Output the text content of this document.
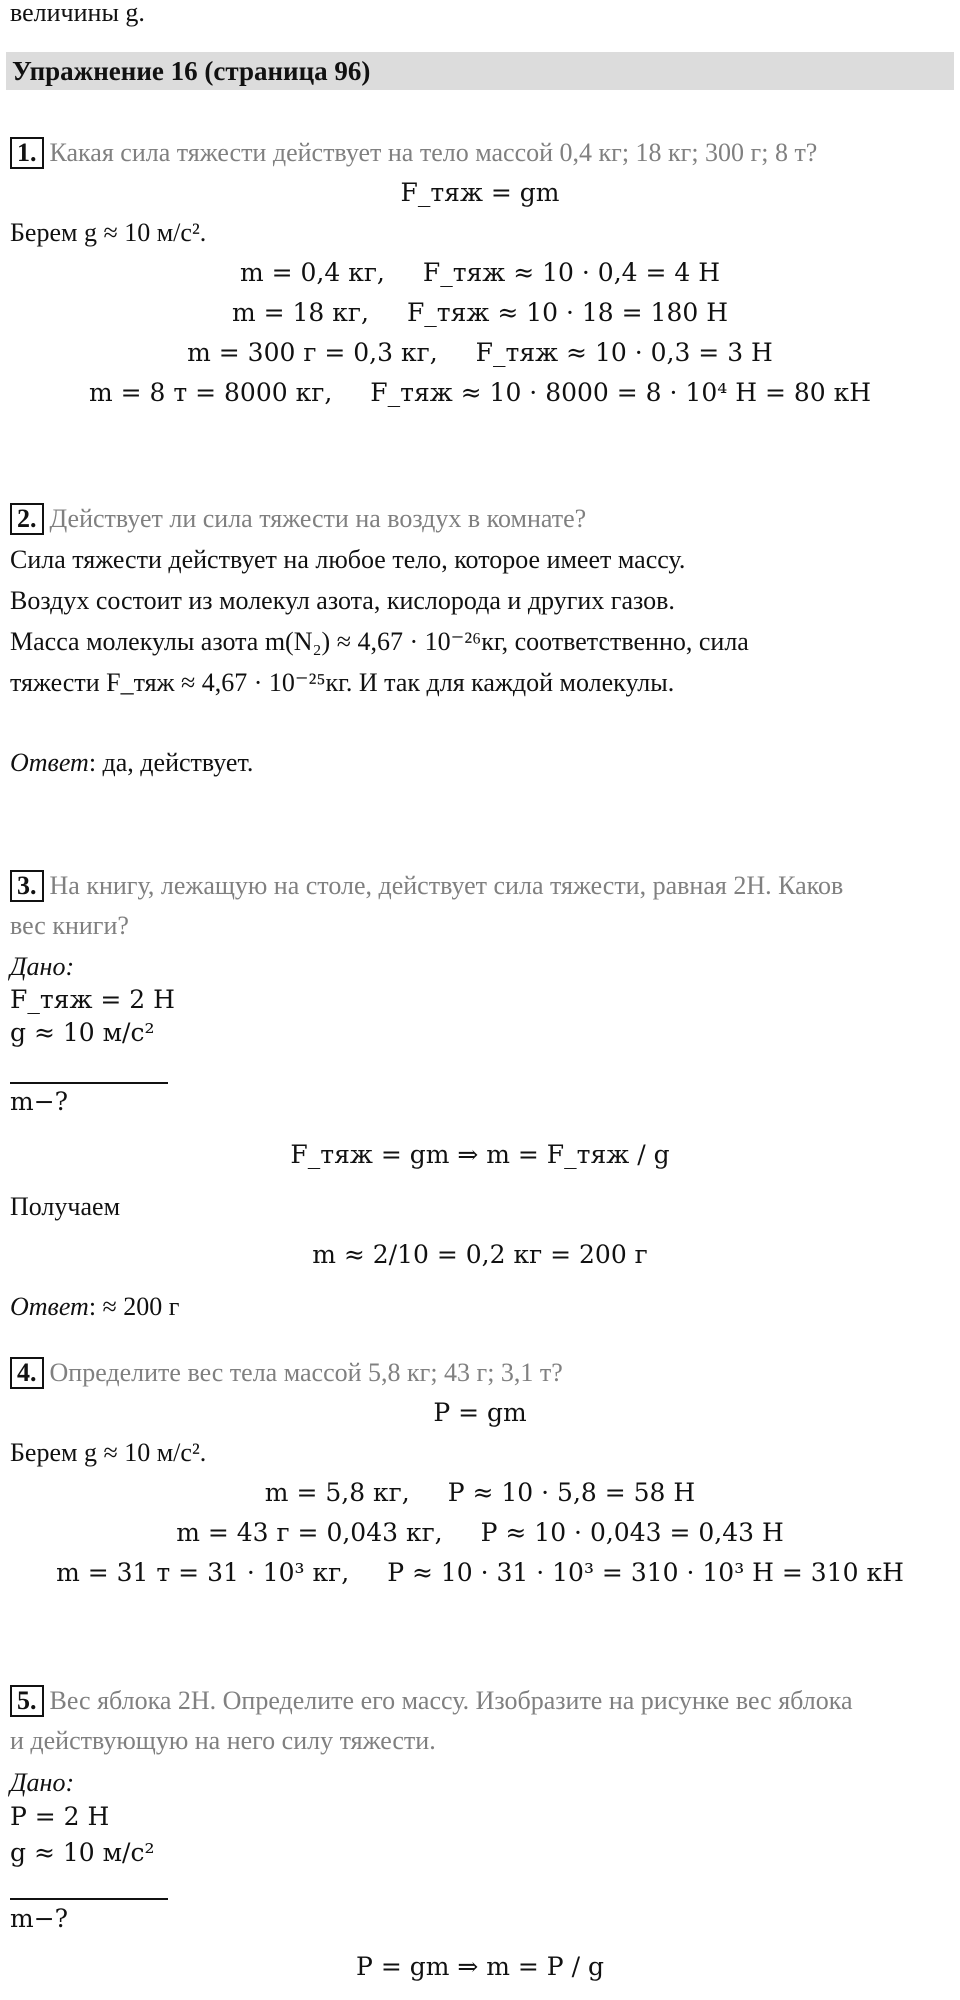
величины g.
Упражнение 16 (страница 96)
1. Какая сила тяжести действует на тело массой 0,4 кг; 18 кг; 300 г; 8 т?
F_тяж = gm
Берем g ≈ 10 м/с².
m = 0,4 кг, F_тяж ≈ 10 · 0,4 = 4 Н
m = 18 кг, F_тяж ≈ 10 · 18 = 180 Н
m = 300 г = 0,3 кг, F_тяж ≈ 10 · 0,3 = 3 Н
m = 8 т = 8000 кг, F_тяж ≈ 10 · 8000 = 8 · 10⁴ Н = 80 кН
2. Действует ли сила тяжести на воздух в комнате?
Сила тяжести действует на любое тело, которое имеет массу.
Воздух состоит из молекул азота, кислорода и других газов.
Масса молекулы азота m(N₂) ≈ 4,67 · 10⁻²⁶кг, соответственно, сила
тяжести F_тяж ≈ 4,67 · 10⁻²⁵кг. И так для каждой молекулы.
Ответ: да, действует.
3. На книгу, лежащую на столе, действует сила тяжести, равная 2Н. Каков
вес книги?
Дано:
F_тяж = 2 Н
g ≈ 10 м/с²
m−?
F_тяж = gm ⇒ m = F_тяж / g
Получаем
m ≈ 2/10 = 0,2 кг = 200 г
Ответ: ≈ 200 г
4. Определите вес тела массой 5,8 кг; 43 г; 3,1 т?
P = gm
Берем g ≈ 10 м/с².
m = 5,8 кг, P ≈ 10 · 5,8 = 58 Н
m = 43 г = 0,043 кг, P ≈ 10 · 0,043 = 0,43 Н
m = 31 т = 31 · 10³ кг, P ≈ 10 · 31 · 10³ = 310 · 10³ Н = 310 кН
5. Вес яблока 2Н. Определите его массу. Изобразите на рисунке вес яблока
и действующую на него силу тяжести.
Дано:
P = 2 Н
g ≈ 10 м/с²
m−?
P = gm ⇒ m = P / g
